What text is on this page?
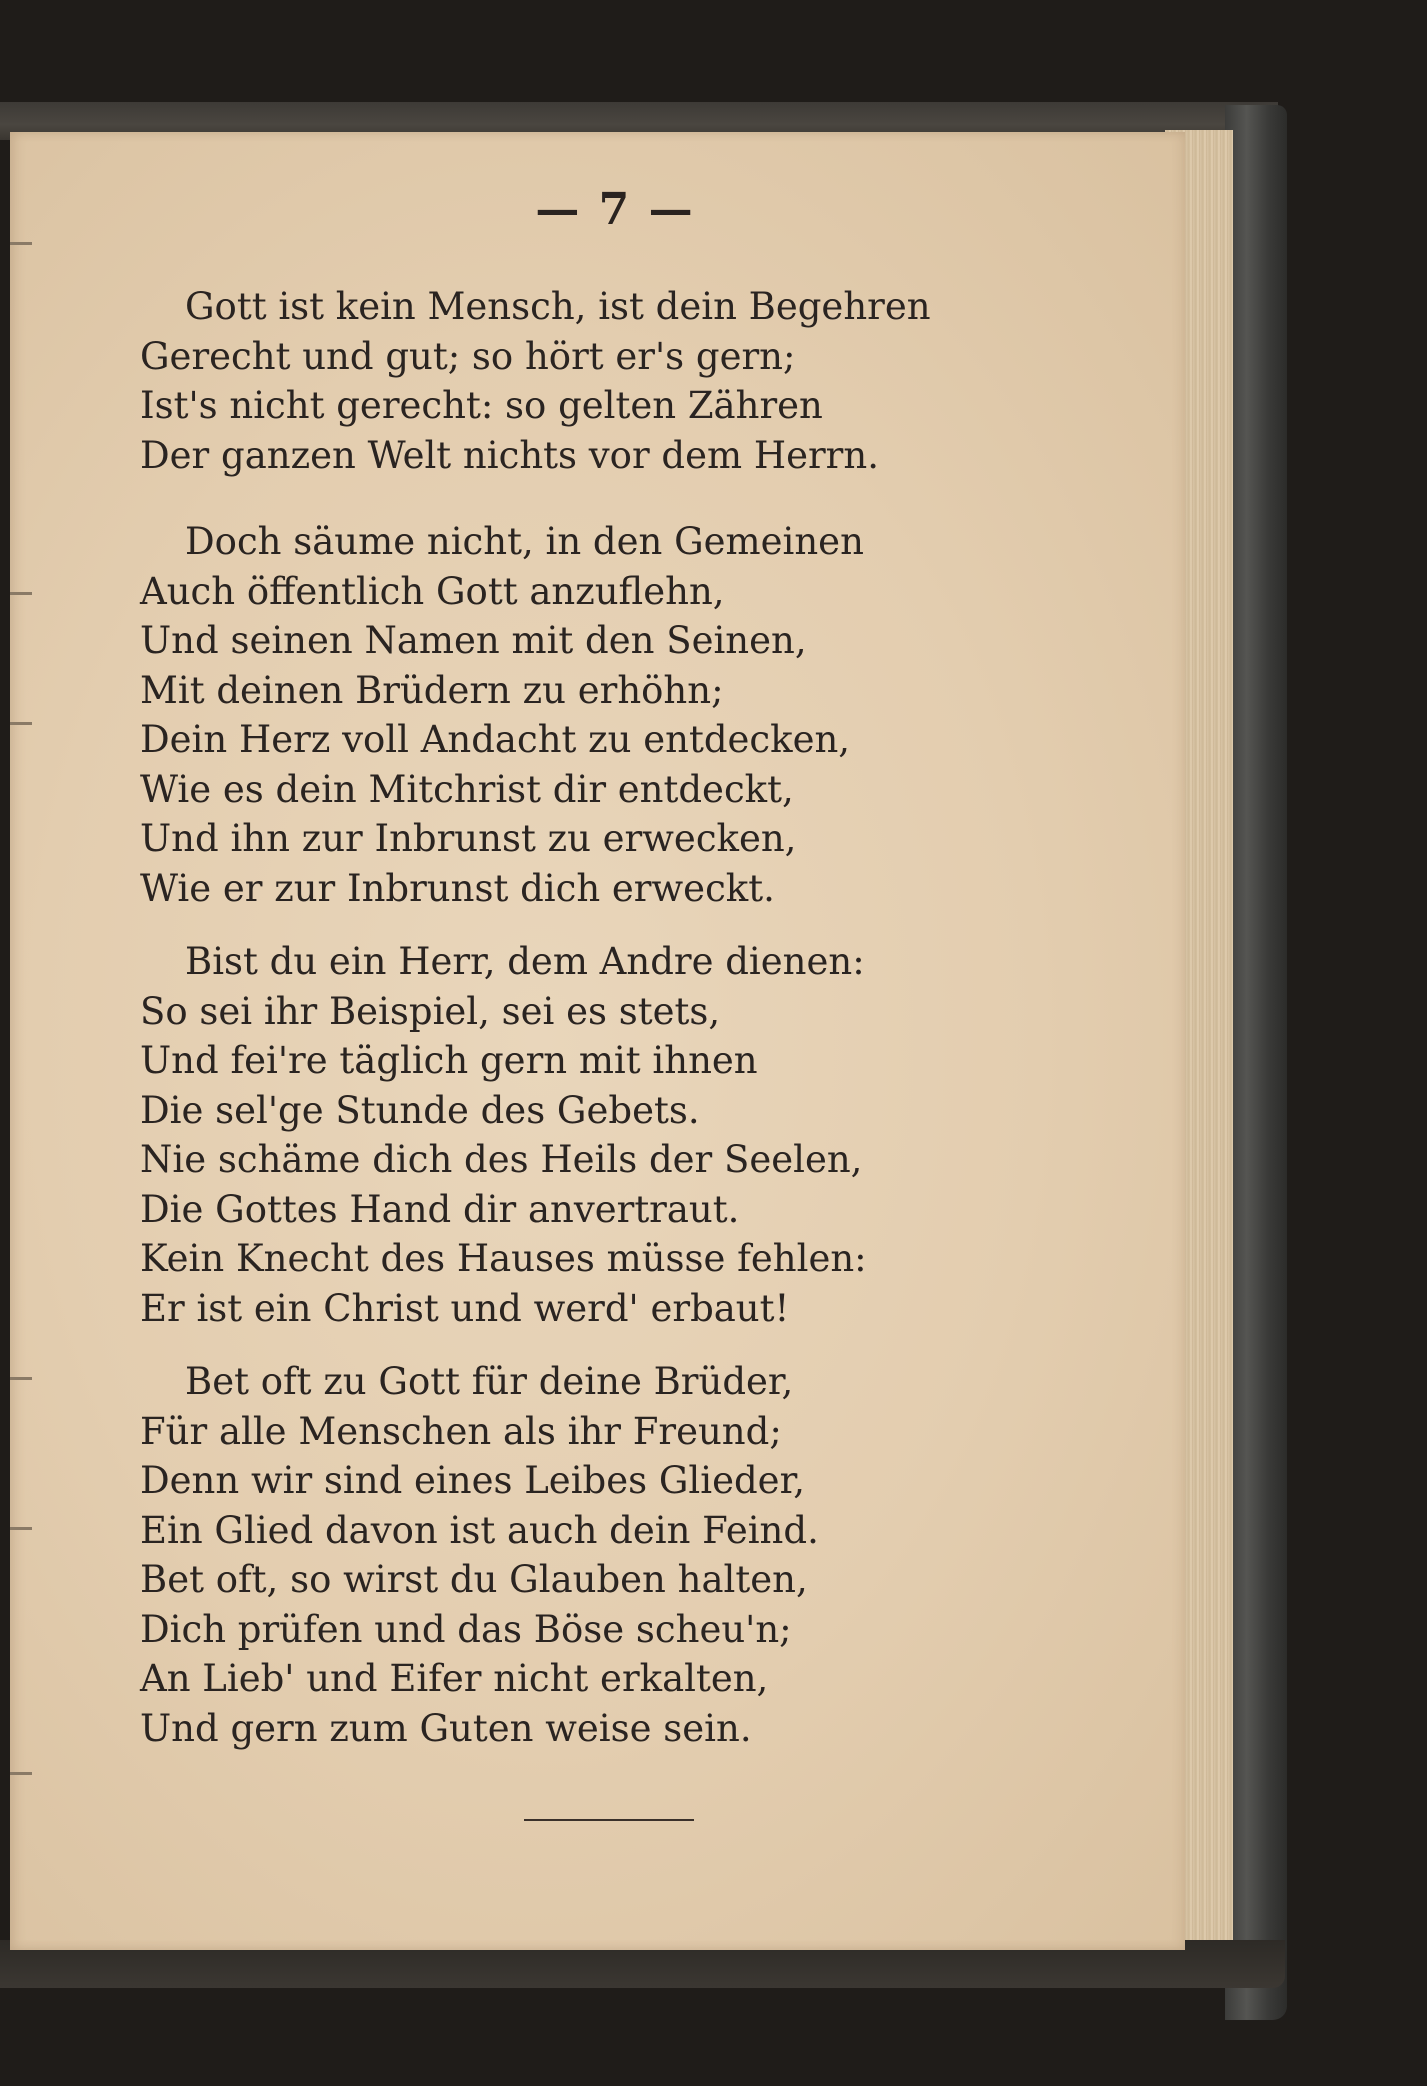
— 7 —
Gott ist kein Mensch, ist dein Begehren
Gerecht und gut; so hört er's gern;
Ist's nicht gerecht: so gelten Zähren
Der ganzen Welt nichts vor dem Herrn.
Doch säume nicht, in den Gemeinen
Auch öffentlich Gott anzuflehn,
Und seinen Namen mit den Seinen,
Mit deinen Brüdern zu erhöhn;
Dein Herz voll Andacht zu entdecken,
Wie es dein Mitchrist dir entdeckt,
Und ihn zur Inbrunst zu erwecken,
Wie er zur Inbrunst dich erweckt.
Bist du ein Herr, dem Andre dienen:
So sei ihr Beispiel, sei es stets,
Und fei're täglich gern mit ihnen
Die sel'ge Stunde des Gebets.
Nie schäme dich des Heils der Seelen,
Die Gottes Hand dir anvertraut.
Kein Knecht des Hauses müsse fehlen:
Er ist ein Christ und werd' erbaut!
Bet oft zu Gott für deine Brüder,
Für alle Menschen als ihr Freund;
Denn wir sind eines Leibes Glieder,
Ein Glied davon ist auch dein Feind.
Bet oft, so wirst du Glauben halten,
Dich prüfen und das Böse scheu'n;
An Lieb' und Eifer nicht erkalten,
Und gern zum Guten weise sein.
